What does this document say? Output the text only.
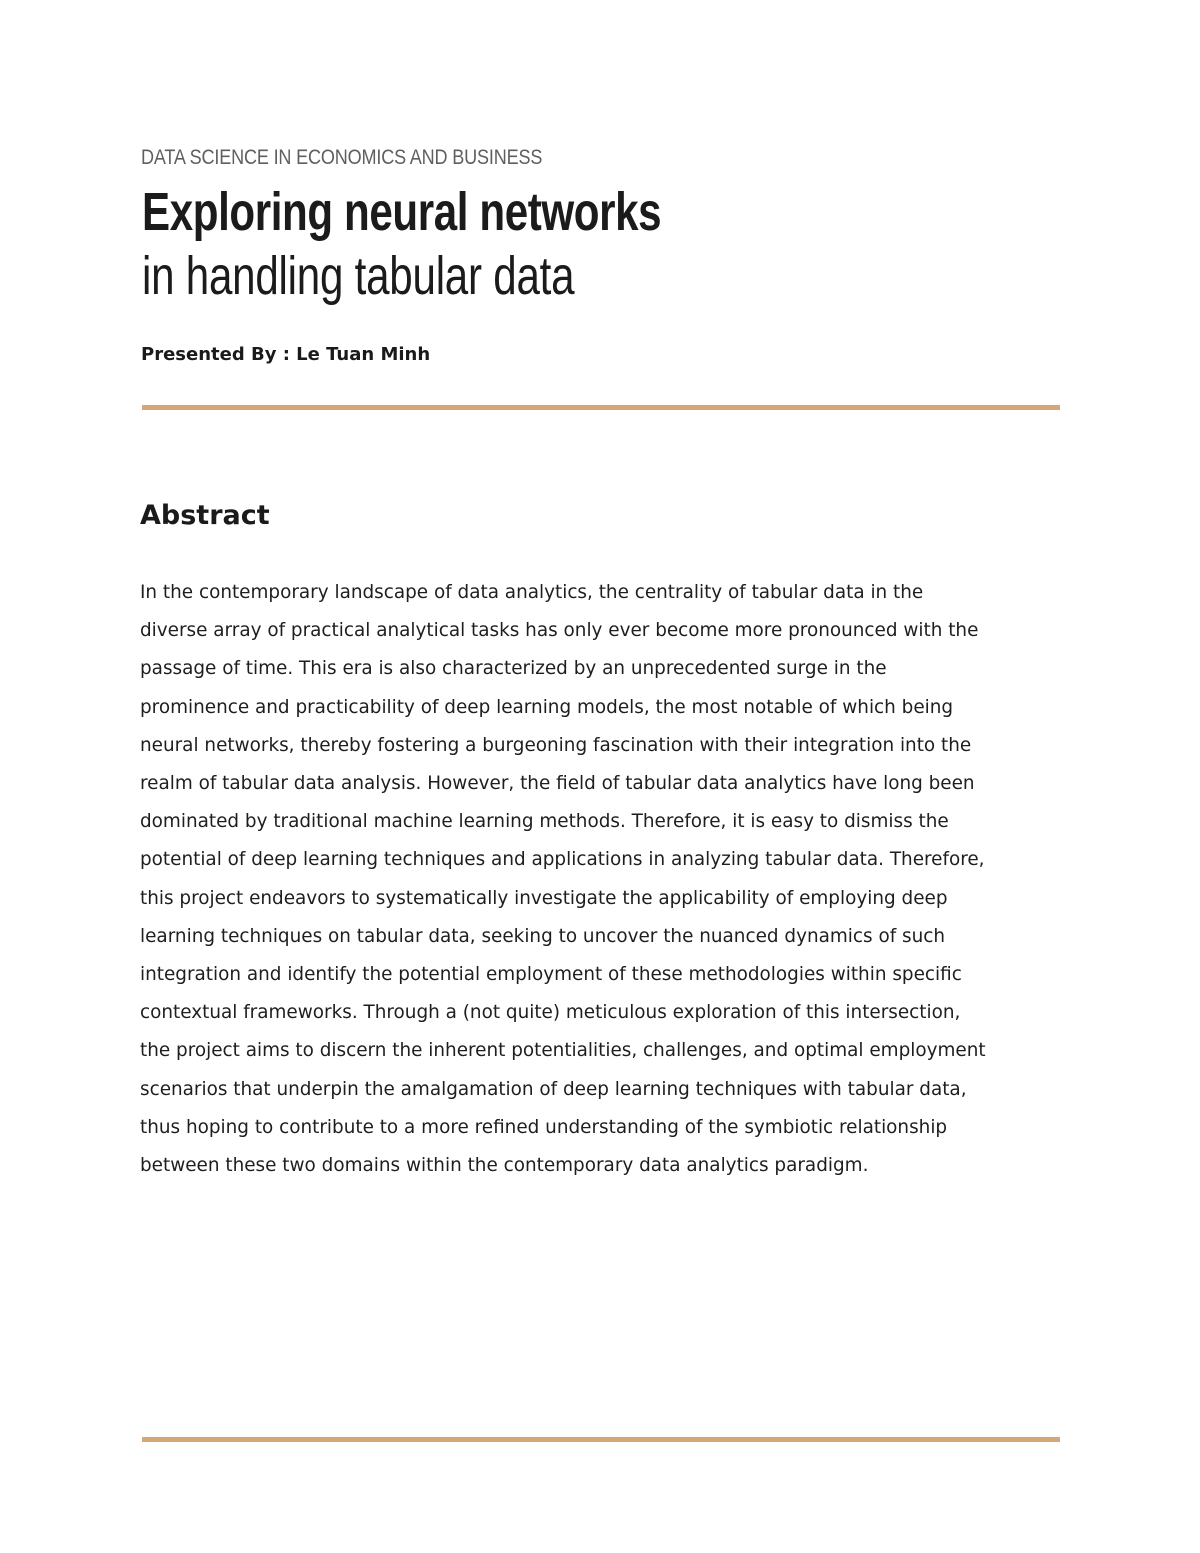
DATA SCIENCE IN ECONOMICS AND BUSINESS
Exploring neural networks
in handling tabular data
Presented By : Le Tuan Minh
Abstract

In the contemporary landscape of data analytics, the centrality of tabular data in the
diverse array of practical analytical tasks has only ever become more pronounced with the
passage of time. This era is also characterized by an unprecedented surge in the
prominence and practicability of deep learning models, the most notable of which being
neural networks, thereby fostering a burgeoning fascination with their integration into the
realm of tabular data analysis. However, the field of tabular data analytics have long been
dominated by traditional machine learning methods. Therefore, it is easy to dismiss the
potential of deep learning techniques and applications in analyzing tabular data. Therefore,
this project endeavors to systematically investigate the applicability of employing deep
learning techniques on tabular data, seeking to uncover the nuanced dynamics of such
integration and identify the potential employment of these methodologies within specific
contextual frameworks. Through a (not quite) meticulous exploration of this intersection,
the project aims to discern the inherent potentialities, challenges, and optimal employment
scenarios that underpin the amalgamation of deep learning techniques with tabular data,
thus hoping to contribute to a more refined understanding of the symbiotic relationship
between these two domains within the contemporary data analytics paradigm.
